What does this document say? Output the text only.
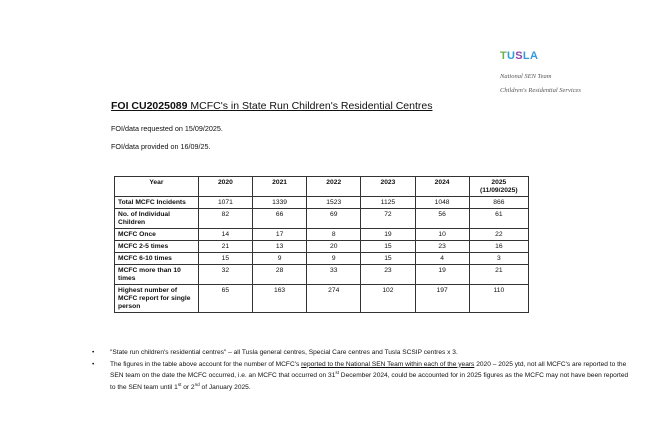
TUSLA
National SEN Team
Children's Residential Services
FOI CU2025089 MCFC's in State Run Children's Residential Centres
FOI/data requested on 15/09/2025.
FOI/data provided on 16/09/25.
Year	2020	2021	2022	2023	2024	2025 (11/09/2025)
Total MCFC Incidents	1071	1339	1523	1125	1048	866
No. of Individual Children	82	66	69	72	56	61
MCFC Once	14	17	8	19	10	22
MCFC 2-5 times	21	13	20	15	23	16
MCFC 6-10 times	15	9	9	15	4	3
MCFC more than 10 times	32	28	33	23	19	21
Highest number of MCFC report for single person	65	163	274	102	197	110
• "State run children's residential centres" – all Tusla general centres, Special Care centres and Tusla SCSIP centres x 3.
• The figures in the table above account for the number of MCFC's reported to the National SEN Team within each of the years 2020 – 2025 ytd, not all MCFC's are reported to the SEN team on the date the MCFC occurred, i.e. an MCFC that occurred on 31st December 2024, could be accounted for in 2025 figures as the MCFC may not have been reported to the SEN team until 1st or 2nd of January 2025.
